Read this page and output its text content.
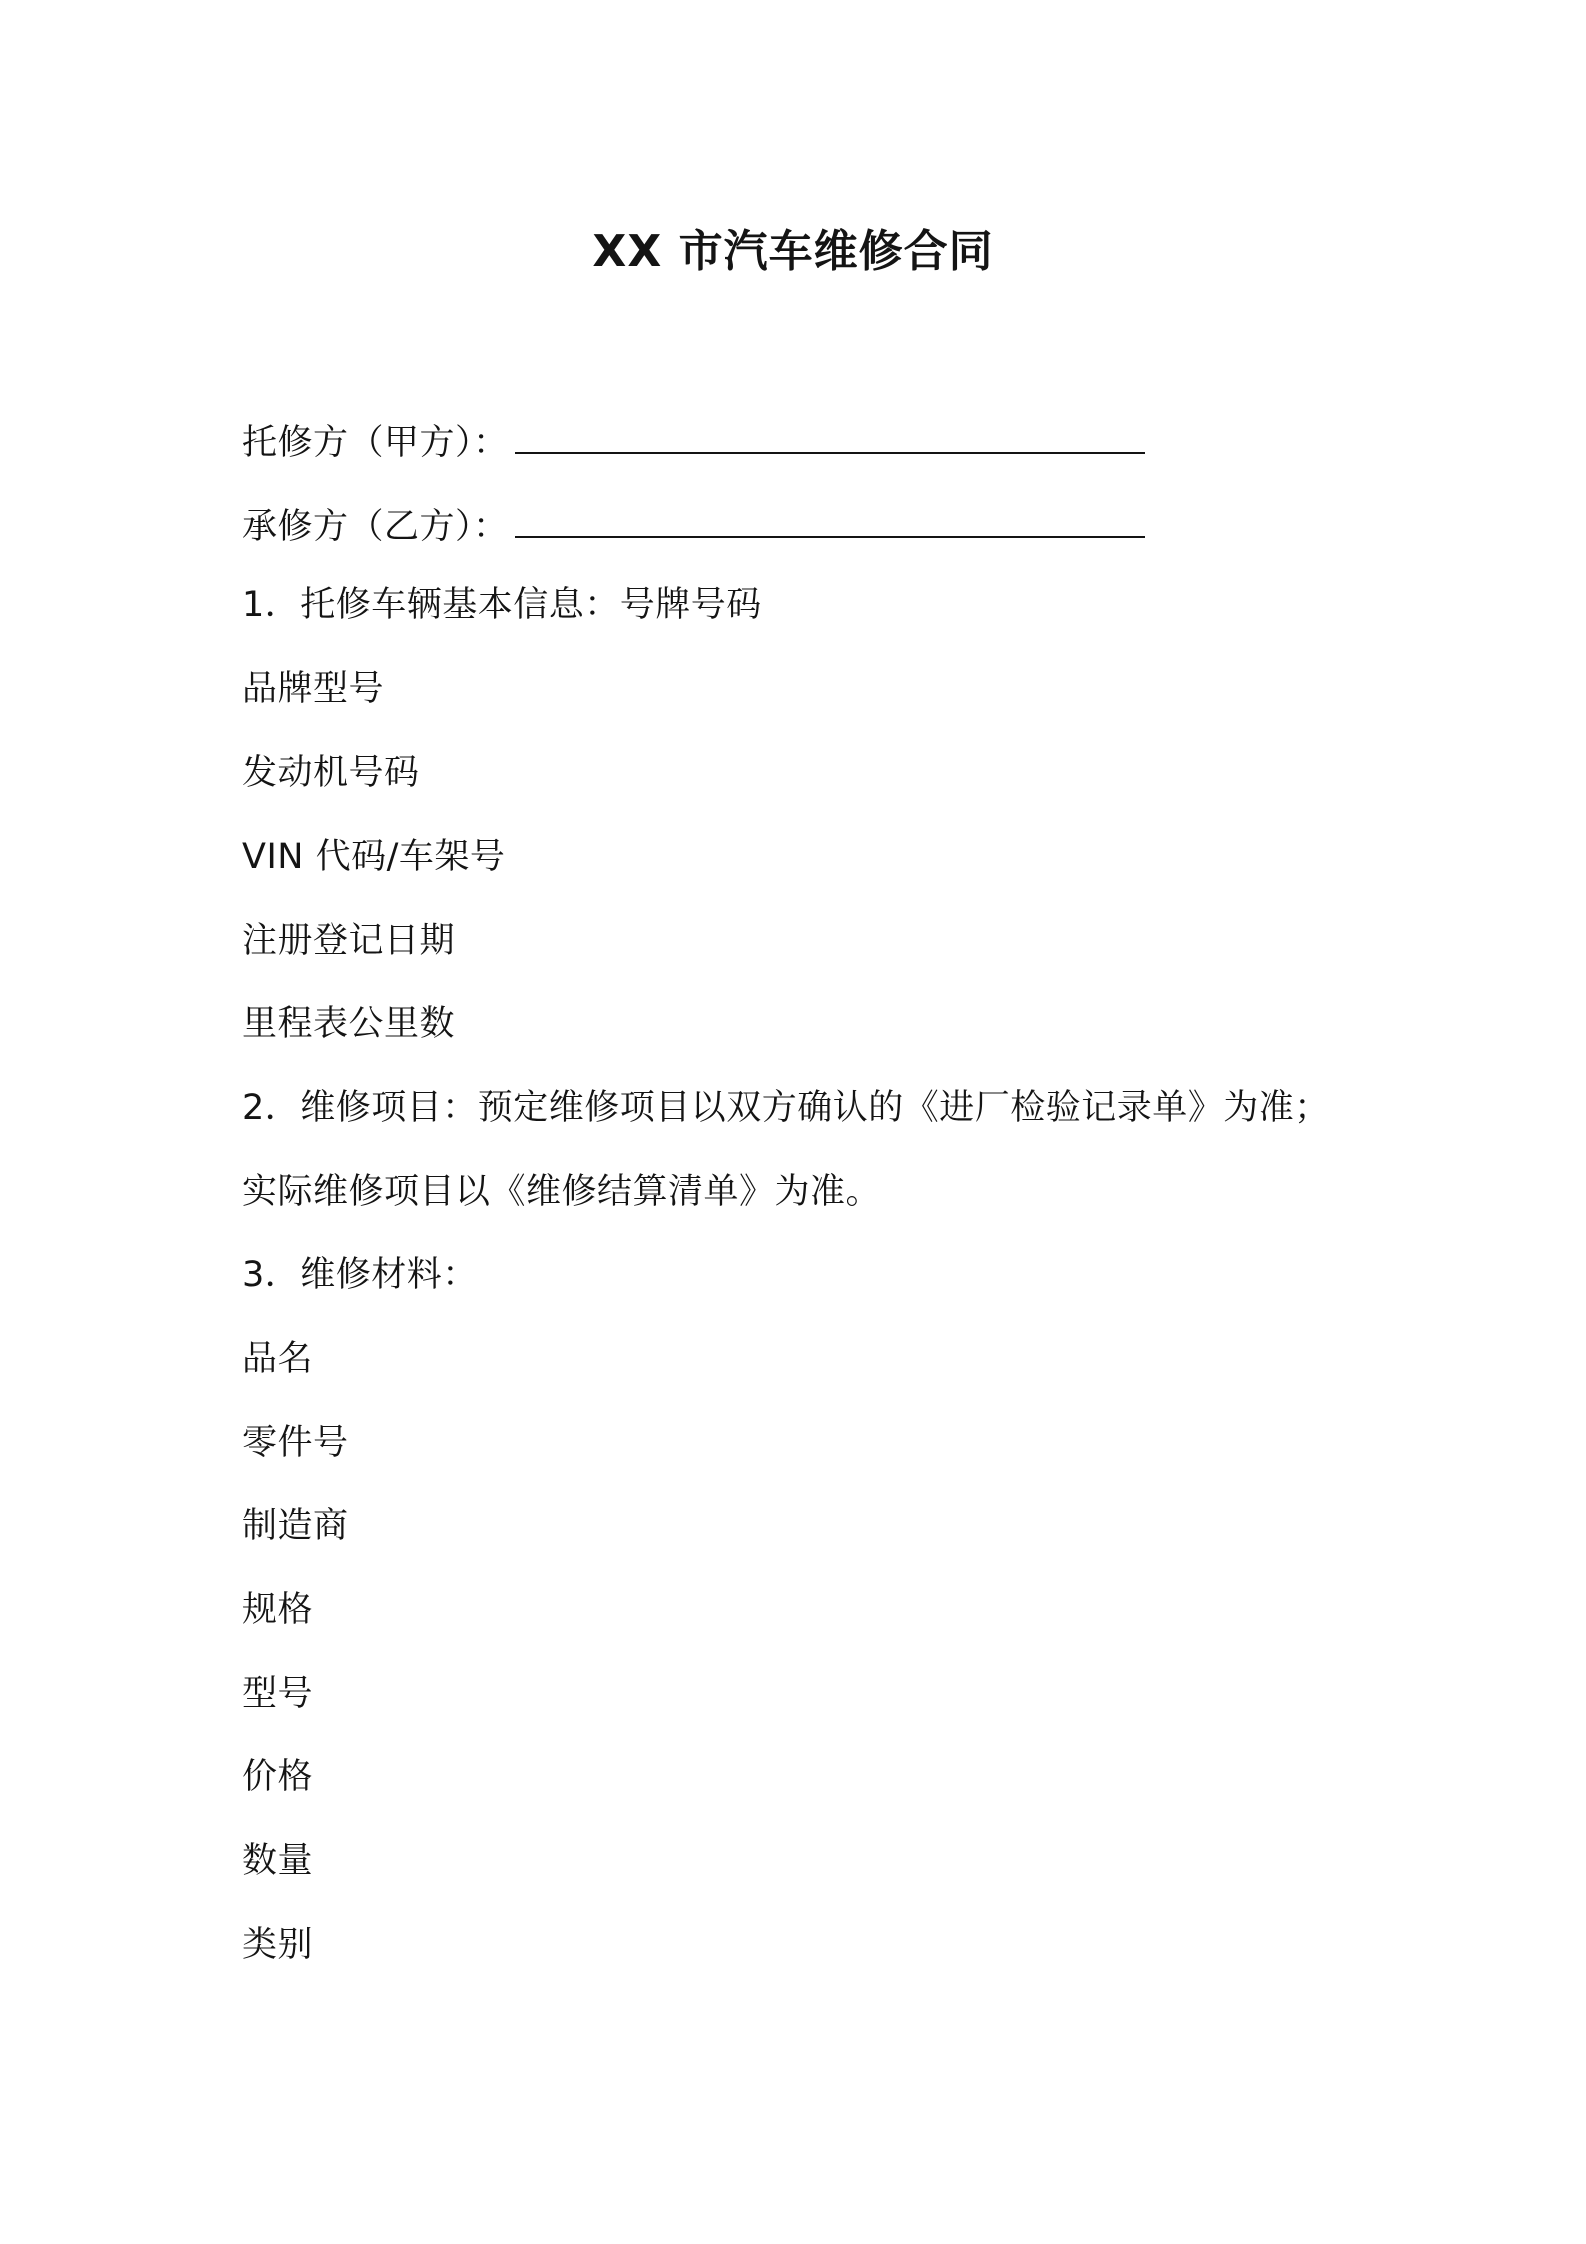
XX 市汽车维修合同
托修方（甲方）：
承修方（乙方）：
1．托修车辆基本信息：号牌号码
品牌型号
发动机号码
VIN 代码/车架号
注册登记日期
里程表公里数
2．维修项目：预定维修项目以双方确认的《进厂检验记录单》为准；
实际维修项目以《维修结算清单》为准。
3．维修材料：
品名
零件号
制造商
规格
型号
价格
数量
类别
